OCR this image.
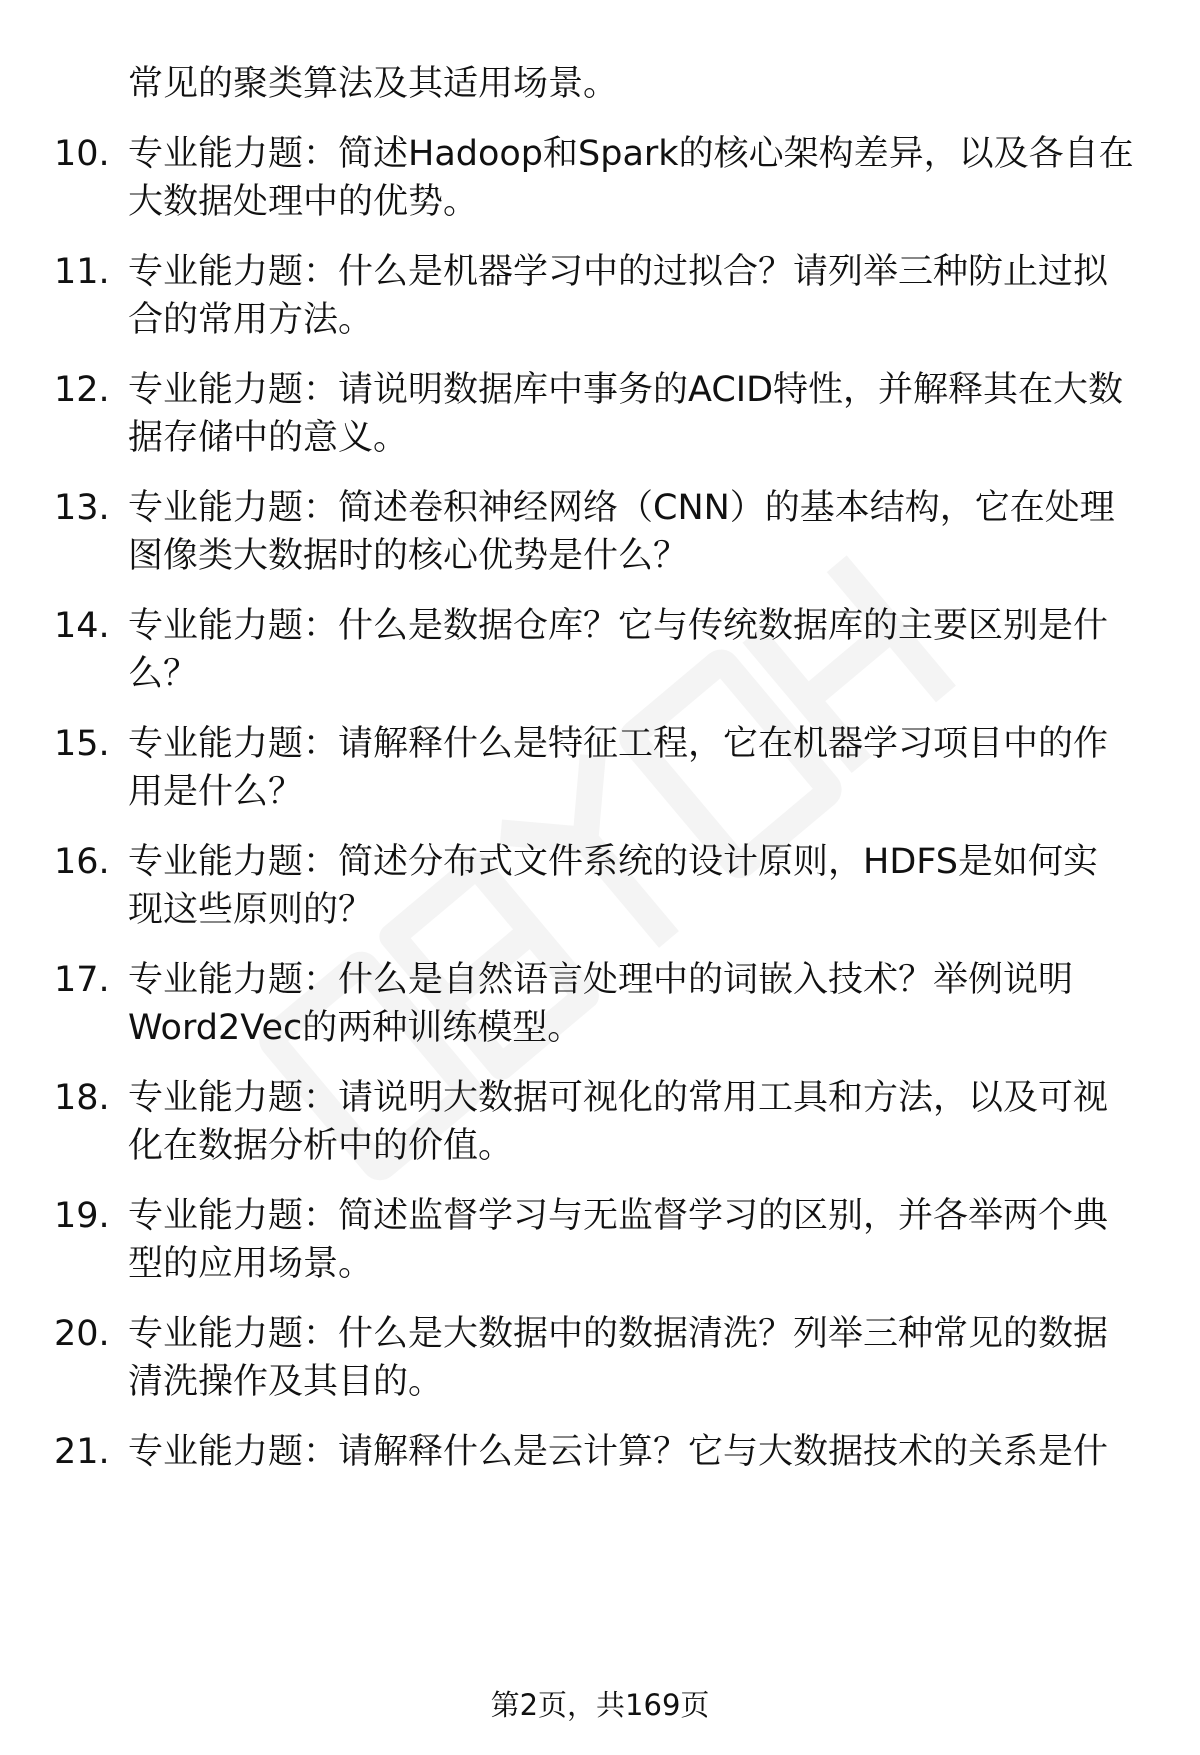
常见的聚类算法及其适用场景。
10. 专业能力题：简述Hadoop和Spark的核心架构差异，以及各自在
大数据处理中的优势。
11. 专业能力题：什么是机器学习中的过拟合？请列举三种防止过拟
合的常用方法。
12. 专业能力题：请说明数据库中事务的ACID特性，并解释其在大数
据存储中的意义。
13. 专业能力题：简述卷积神经网络（CNN）的基本结构，它在处理
图像类大数据时的核心优势是什么？
14. 专业能力题：什么是数据仓库？它与传统数据库的主要区别是什
么？
15. 专业能力题：请解释什么是特征工程，它在机器学习项目中的作
用是什么？
16. 专业能力题：简述分布式文件系统的设计原则，HDFS是如何实
现这些原则的？
17. 专业能力题：什么是自然语言处理中的词嵌入技术？举例说明
Word2Vec的两种训练模型。
18. 专业能力题：请说明大数据可视化的常用工具和方法，以及可视
化在数据分析中的价值。
19. 专业能力题：简述监督学习与无监督学习的区别，并各举两个典
型的应用场景。
20. 专业能力题：什么是大数据中的数据清洗？列举三种常见的数据
清洗操作及其目的。
21. 专业能力题：请解释什么是云计算？它与大数据技术的关系是什
第2页，共169页
